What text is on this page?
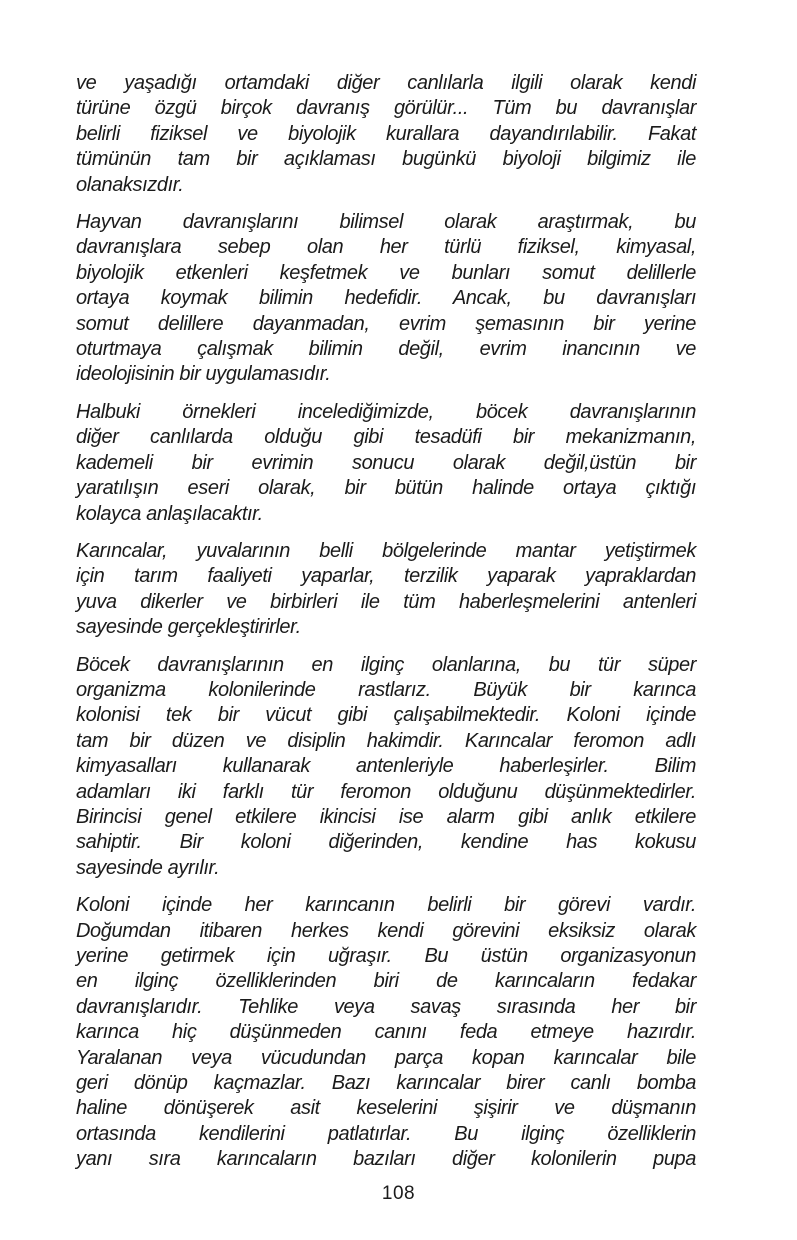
ve yaşadığı ortamdaki diğer canlılarla ilgili olarak kendi
türüne özgü birçok davranış görülür... Tüm bu davranışlar
belirli fiziksel ve biyolojik kurallara dayandırılabilir. Fakat
tümünün tam bir açıklaması bugünkü biyoloji bilgimiz ile
olanaksızdır.
Hayvan davranışlarını bilimsel olarak araştırmak, bu
davranışlara sebep olan her türlü fiziksel, kimyasal,
biyolojik etkenleri keşfetmek ve bunları somut delillerle
ortaya koymak bilimin hedefidir. Ancak, bu davranışları
somut delillere dayanmadan, evrim şemasının bir yerine
oturtmaya çalışmak bilimin değil, evrim inancının ve
ideolojisinin bir uygulamasıdır.
Halbuki örnekleri incelediğimizde, böcek davranışlarının
diğer canlılarda olduğu gibi tesadüfi bir mekanizmanın,
kademeli bir evrimin sonucu olarak değil,üstün bir
yaratılışın eseri olarak, bir bütün halinde ortaya çıktığı
kolayca anlaşılacaktır.
Karıncalar, yuvalarının belli bölgelerinde mantar yetiştirmek
için tarım faaliyeti yaparlar, terzilik yaparak yapraklardan
yuva dikerler ve birbirleri ile tüm haberleşmelerini antenleri
sayesinde gerçekleştirirler.
Böcek davranışlarının en ilginç olanlarına, bu tür süper
organizma kolonilerinde rastlarız. Büyük bir karınca
kolonisi tek bir vücut gibi çalışabilmektedir. Koloni içinde
tam bir düzen ve disiplin hakimdir. Karıncalar feromon adlı
kimyasalları kullanarak antenleriyle haberleşirler. Bilim
adamları iki farklı tür feromon olduğunu düşünmektedirler.
Birincisi genel etkilere ikincisi ise alarm gibi anlık etkilere
sahiptir. Bir koloni diğerinden, kendine has kokusu
sayesinde ayrılır.
Koloni içinde her karıncanın belirli bir görevi vardır.
Doğumdan itibaren herkes kendi görevini eksiksiz olarak
yerine getirmek için uğraşır. Bu üstün organizasyonun
en ilginç özelliklerinden biri de karıncaların fedakar
davranışlarıdır. Tehlike veya savaş sırasında her bir
karınca hiç düşünmeden canını feda etmeye hazırdır.
Yaralanan veya vücudundan parça kopan karıncalar bile
geri dönüp kaçmazlar. Bazı karıncalar birer canlı bomba
haline dönüşerek asit keselerini şişirir ve düşmanın
ortasında kendilerini patlatırlar. Bu ilginç özelliklerin
yanı sıra karıncaların bazıları diğer kolonilerin pupa
108
